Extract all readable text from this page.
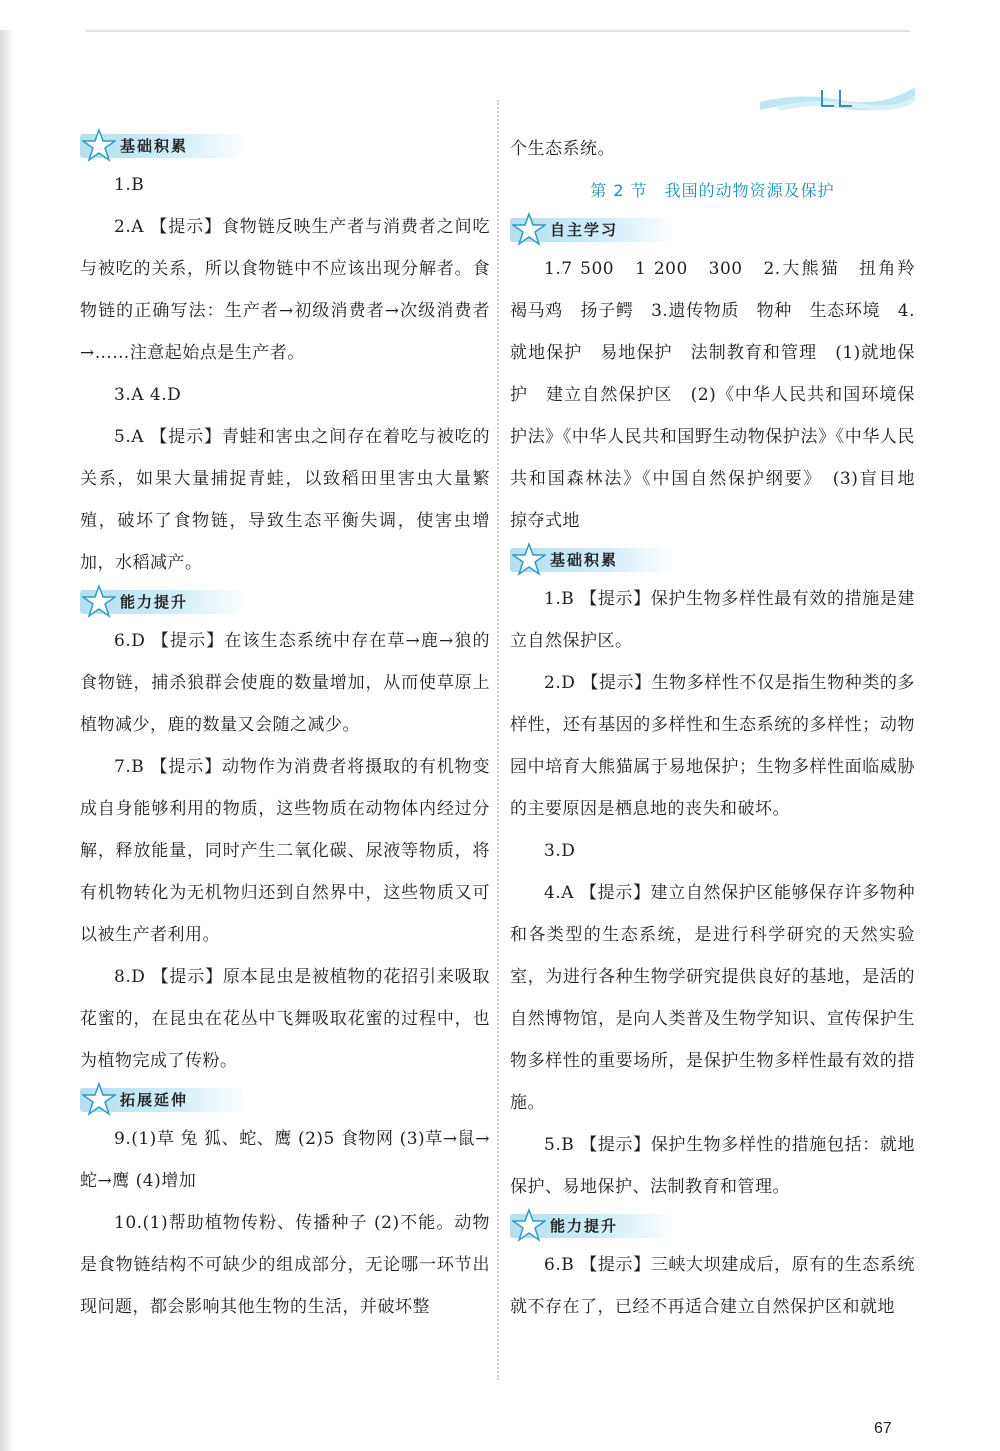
基础积累

1.B

2.A 【提示】食物链反映生产者与消费者之间吃与被吃的关系，所以食物链中不应该出现分解者。食物链的正确写法：生产者→初级消费者→次级消费者→……注意起始点是生产者。

3.A 4.D

5.A 【提示】青蛙和害虫之间存在着吃与被吃的关系，如果大量捕捉青蛙，以致稻田里害虫大量繁殖，破坏了食物链，导致生态平衡失调，使害虫增加，水稻减产。

能力提升

6.D 【提示】在该生态系统中存在草→鹿→狼的食物链，捕杀狼群会使鹿的数量增加，从而使草原上植物减少，鹿的数量又会随之减少。

7.B 【提示】动物作为消费者将摄取的有机物变成自身能够利用的物质，这些物质在动物体内经过分解，释放能量，同时产生二氧化碳、尿液等物质，将有机物转化为无机物归还到自然界中，这些物质又可以被生产者利用。

8.D 【提示】原本昆虫是被植物的花招引来吸取花蜜的，在昆虫在花丛中飞舞吸取花蜜的过程中，也为植物完成了传粉。

拓展延伸

9.(1)草 兔 狐、蛇、鹰 (2)5 食物网 (3)草→鼠→蛇→鹰 (4)增加

10.(1)帮助植物传粉、传播种子 (2)不能。动物是食物链结构不可缺少的组成部分，无论哪一环节出现问题，都会影响其他生物的生活，并破坏整

个生态系统。

第 2 节　我国的动物资源及保护

自主学习

1.7 500　1 200　300　2.大熊猫　扭角羚　褐马鸡　扬子鳄　3.遗传物质　物种　生态环境　4.就地保护　易地保护　法制教育和管理　(1)就地保护　建立自然保护区　(2)《中华人民共和国环境保护法》《中华人民共和国野生动物保护法》《中华人民共和国森林法》《中国自然保护纲要》　(3)盲目地　掠夺式地

基础积累

1.B 【提示】保护生物多样性最有效的措施是建立自然保护区。

2.D 【提示】生物多样性不仅是指生物种类的多样性，还有基因的多样性和生态系统的多样性；动物园中培育大熊猫属于易地保护；生物多样性面临威胁的主要原因是栖息地的丧失和破坏。

3.D

4.A 【提示】建立自然保护区能够保存许多物种和各类型的生态系统，是进行科学研究的天然实验室，为进行各种生物学研究提供良好的基地，是活的自然博物馆，是向人类普及生物学知识、宣传保护生物多样性的重要场所，是保护生物多样性最有效的措施。

5.B 【提示】保护生物多样性的措施包括：就地保护、易地保护、法制教育和管理。

能力提升

6.B 【提示】三峡大坝建成后，原有的生态系统就不存在了，已经不再适合建立自然保护区和就地

67
